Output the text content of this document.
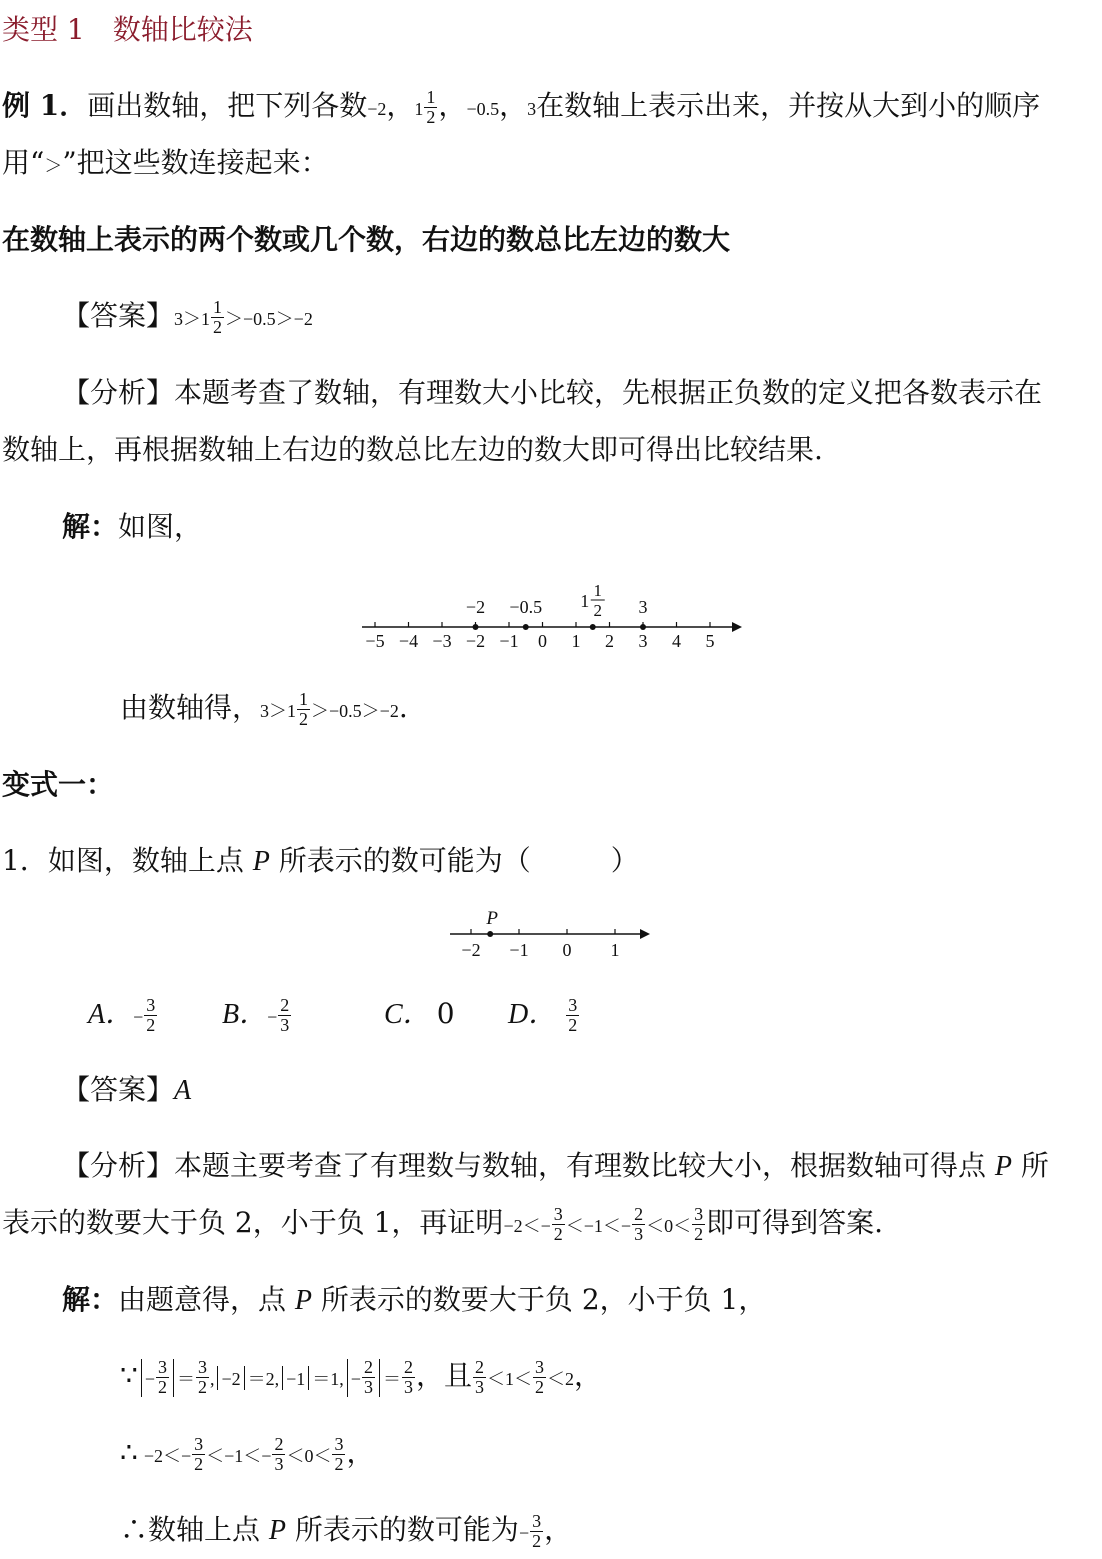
类型 1　数轴比较法
例 1．画出数轴，把下列各数−2，$1 \frac{1}{2}$ ，−0.5，3在数轴上表示出来，并按从大到小的顺序
用“＞”把这些数连接起来：
在数轴上表示的两个数或几个数，右边的数总比左边的数大
【答案】$3>1 \frac{1}{2} >-0.5>-2$
【分析】本题考查了数轴，有理数大小比较，先根据正负数的定义把各数表示在
数轴上，再根据数轴上右边的数总比左边的数大即可得出比较结果.
解：如图，
−5 −4 −3 −2 −1 0 1 2 3 4 5
−2 −0.5 1
1
2 3
由数轴得，$3>1 \frac{1}{2} >-0.5>-2$.
变式一：
1．如图，数轴上点 P 所表示的数可能为（	）
−2 −1 0 1
P
A．− $\frac{3}{2}$ B．− $\frac{2}{3}$	C． 0 D． $\frac{3}{2}$
【答案】A
【分析】本题主要考查了有理数与数轴，有理数比较大小，根据数轴可得点 P 所
表示的数要大于负 2，小于负 1，再证明$-2<- \frac{3}{2} <-1<- \frac{2}{3} <0< \frac{3}{2}$ 即可得到答案.
解：由题意得，点 P 所表示的数要大于负 2，小于负 1，
∵ − $\frac{3}{2} = \frac{3}{2}$ , −2 ＝2, −1 ＝1, − $\frac{2}{3} = \frac{2}{3}$ ，且 $\frac{2}{3} <1< \frac{3}{2} <2$，
∴ $-2<- \frac{3}{2} <-1<- \frac{2}{3} <0< \frac{3}{2}$ ，
∴数轴上点 P 所表示的数可能为− $\frac{3}{2}$ ，
